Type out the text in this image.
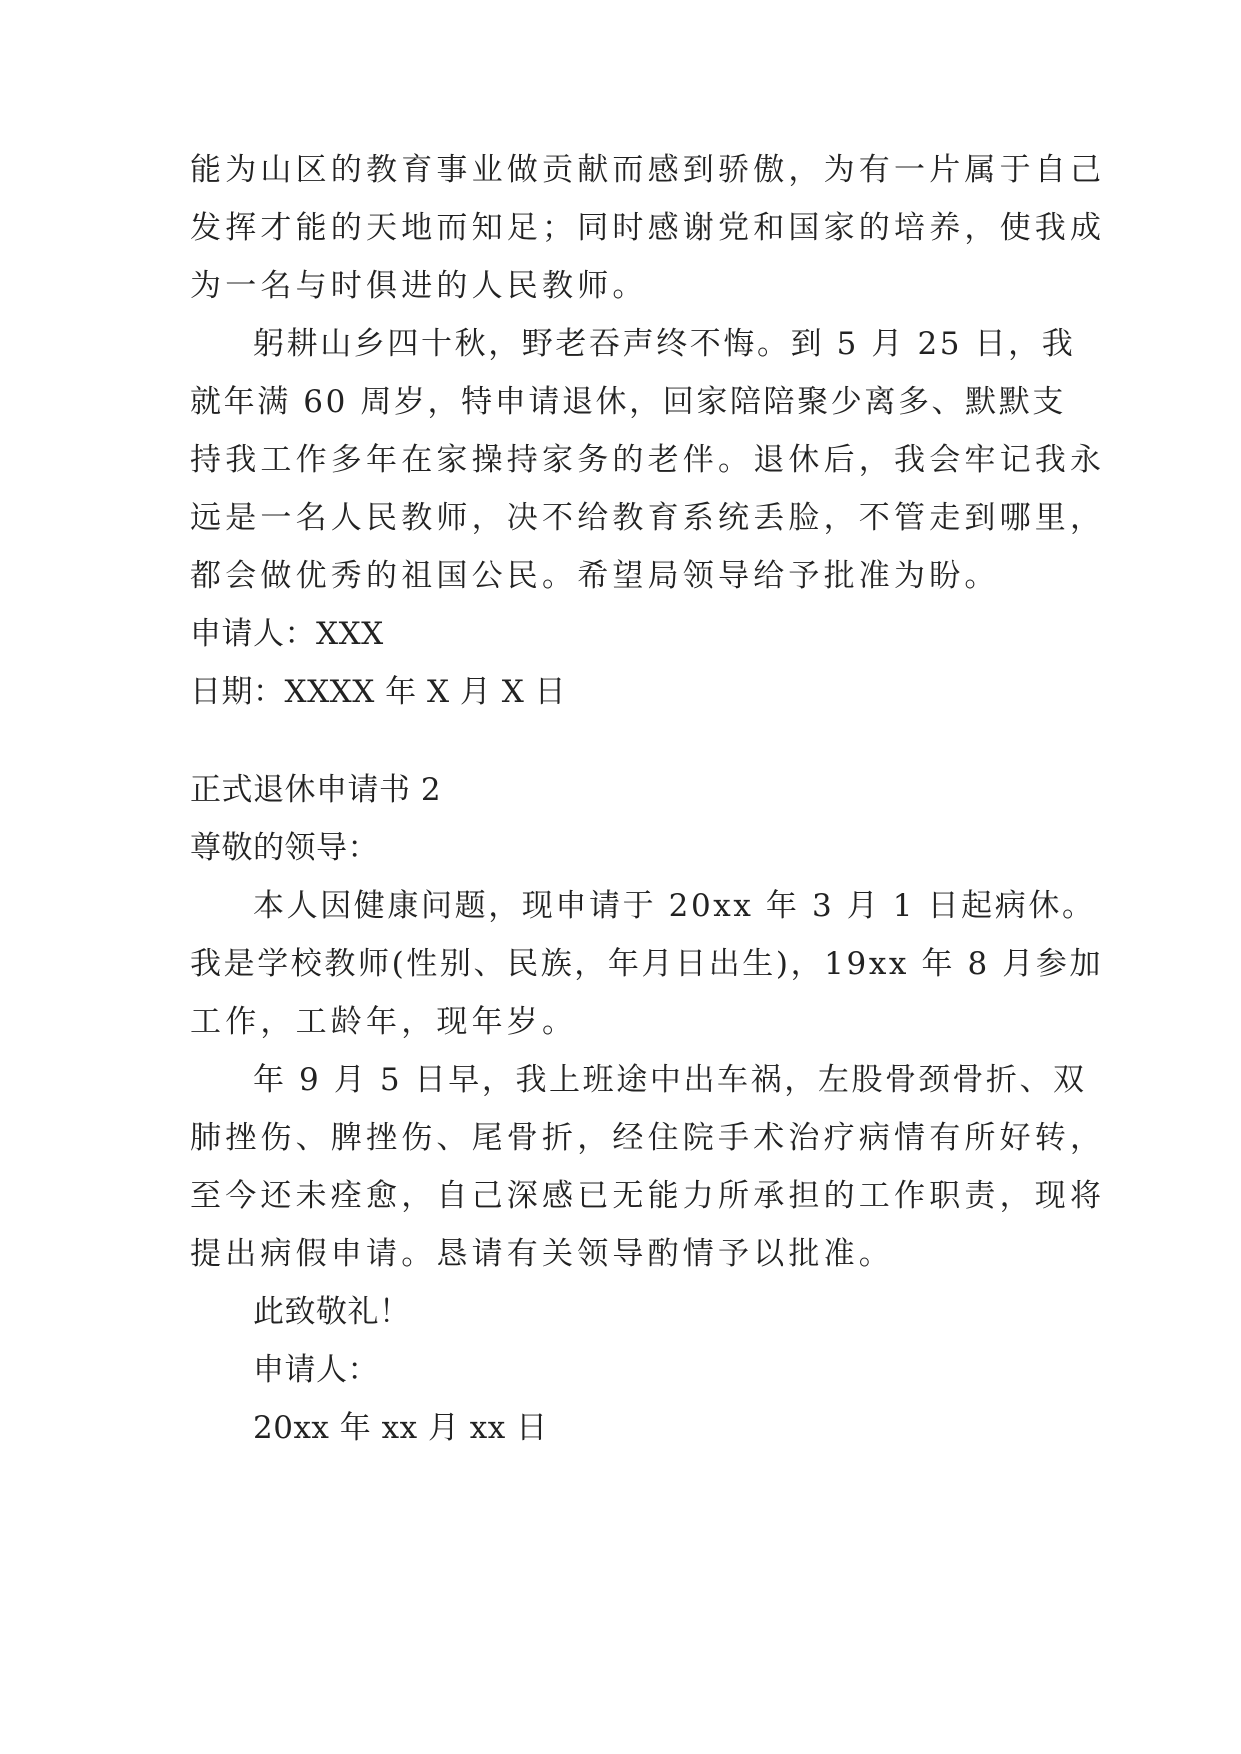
能为山区的教育事业做贡献而感到骄傲，为有一片属于自己
发挥才能的天地而知足；同时感谢党和国家的培养，使我成
为一名与时俱进的人民教师。
躬耕山乡四十秋，野老吞声终不悔。到 5 月 25 日，我
就年满 60 周岁，特申请退休，回家陪陪聚少离多、默默支
持我工作多年在家操持家务的老伴。退休后，我会牢记我永
远是一名人民教师，决不给教育系统丢脸，不管走到哪里，
都会做优秀的祖国公民。希望局领导给予批准为盼。
申请人：XXX
日期：XXXX 年 X 月 X 日
正式退休申请书 2
尊敬的领导：
本人因健康问题，现申请于 20xx 年 3 月 1 日起病休。
我是学校教师(性别、民族，年月日出生)，19xx 年 8 月参加
工作，工龄年，现年岁。
年 9 月 5 日早，我上班途中出车祸，左股骨颈骨折、双
肺挫伤、脾挫伤、尾骨折，经住院手术治疗病情有所好转，
至今还未痊愈，自己深感已无能力所承担的工作职责，现将
提出病假申请。恳请有关领导酌情予以批准。
此致敬礼！
申请人：
20xx 年 xx 月 xx 日
